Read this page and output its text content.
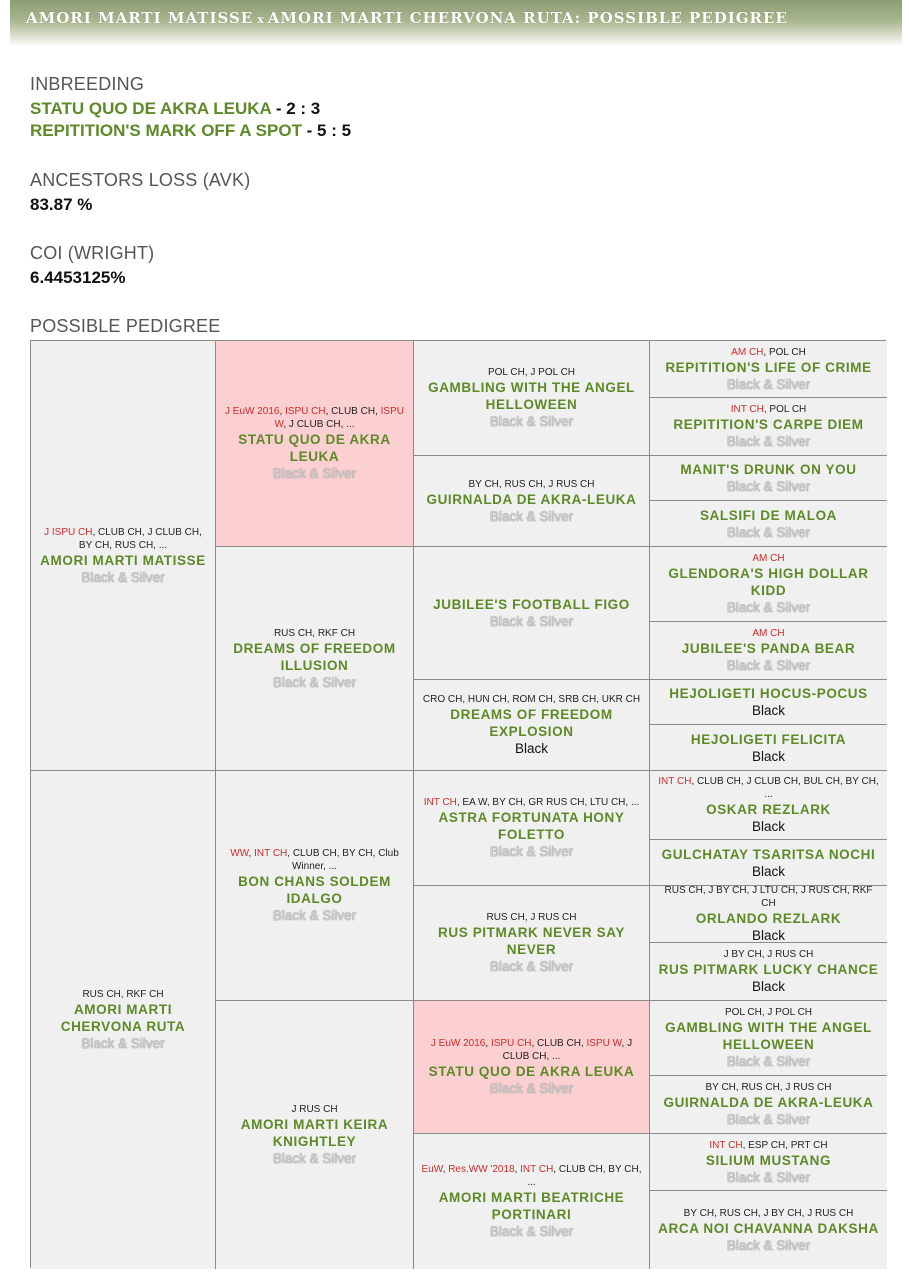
AMORI MARTI MATISSE x AMORI MARTI CHERVONA RUTA: POSSIBLE PEDIGREE
INBREEDING
STATU QUO DE AKRA LEUKA - 2 : 3
REPITITION'S MARK OFF A SPOT - 5 : 5
ANCESTORS LOSS (AVK)
83.87 %
COI (WRIGHT)
6.4453125%
POSSIBLE PEDIGREE
J ISPU CH, CLUB CH, J CLUB CH, BY CH, RUS CH, ...
AMORI MARTI MATISSE
Black & Silver
J EuW 2016, ISPU CH, CLUB CH, ISPU W, J CLUB CH, ...
STATU QUO DE AKRA LEUKA
Black & Silver
POL CH, J POL CH
GAMBLING WITH THE ANGEL HELLOWEEN
Black & Silver
AM CH, POL CH
REPITITION'S LIFE OF CRIME
Black & Silver
INT CH, POL CH
REPITITION'S CARPE DIEM
Black & Silver
BY CH, RUS CH, J RUS CH
GUIRNALDA DE AKRA-LEUKA
Black & Silver
MANIT'S DRUNK ON YOU
Black & Silver
SALSIFI DE MALOA
Black & Silver
RUS CH, RKF CH
DREAMS OF FREEDOM ILLUSION
Black & Silver
JUBILEE'S FOOTBALL FIGO
Black & Silver
AM CH
GLENDORA'S HIGH DOLLAR KIDD
Black & Silver
AM CH
JUBILEE'S PANDA BEAR
Black & Silver
CRO CH, HUN CH, ROM CH, SRB CH, UKR CH
DREAMS OF FREEDOM EXPLOSION
Black
HEJOLIGETI HOCUS-POCUS
Black
HEJOLIGETI FELICITA
Black
RUS CH, RKF CH
AMORI MARTI CHERVONA RUTA
Black & Silver
WW, INT CH, CLUB CH, BY CH, Club Winner, ...
BON CHANS SOLDEM IDALGO
Black & Silver
INT CH, EA W, BY CH, GR RUS CH, LTU CH, ...
ASTRA FORTUNATA HONY FOLETTO
Black & Silver
INT CH, CLUB CH, J CLUB CH, BUL CH, BY CH, ...
OSKAR REZLARK
Black
GULCHATAY TSARITSA NOCHI
Black
RUS CH, J RUS CH
RUS PITMARK NEVER SAY NEVER
Black & Silver
RUS CH, J BY CH, J LTU CH, J RUS CH, RKF CH
ORLANDO REZLARK
Black
J BY CH, J RUS CH
RUS PITMARK LUCKY CHANCE
Black
J RUS CH
AMORI MARTI KEIRA KNIGHTLEY
Black & Silver
J EuW 2016, ISPU CH, CLUB CH, ISPU W, J CLUB CH, ...
STATU QUO DE AKRA LEUKA
Black & Silver
POL CH, J POL CH
GAMBLING WITH THE ANGEL HELLOWEEN
Black & Silver
BY CH, RUS CH, J RUS CH
GUIRNALDA DE AKRA-LEUKA
Black & Silver
EuW, Res.WW '2018, INT CH, CLUB CH, BY CH, ...
AMORI MARTI BEATRICHE PORTINARI
Black & Silver
INT CH, ESP CH, PRT CH
SILIUM MUSTANG
Black & Silver
BY CH, RUS CH, J BY CH, J RUS CH
ARCA NOI CHAVANNA DAKSHA
Black & Silver
